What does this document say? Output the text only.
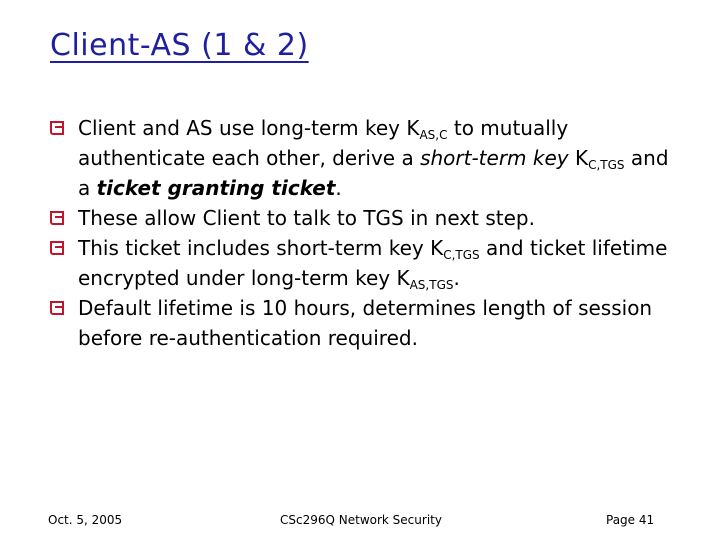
Client-AS (1 & 2)
Client and AS use long-term key $K_{AS,C}$ to mutually authenticate each other, derive a short-term key $K_{C,TGS}$ and a ticket granting ticket.
These allow Client to talk to TGS in next step.
This ticket includes short-term key $K_{C,TGS}$ and ticket lifetime encrypted under long-term key $K_{AS,TGS}$.
Default lifetime is 10 hours, determines length of session before re-authentication required.
Oct. 5, 2005	CSc296Q Network Security	Page 41
